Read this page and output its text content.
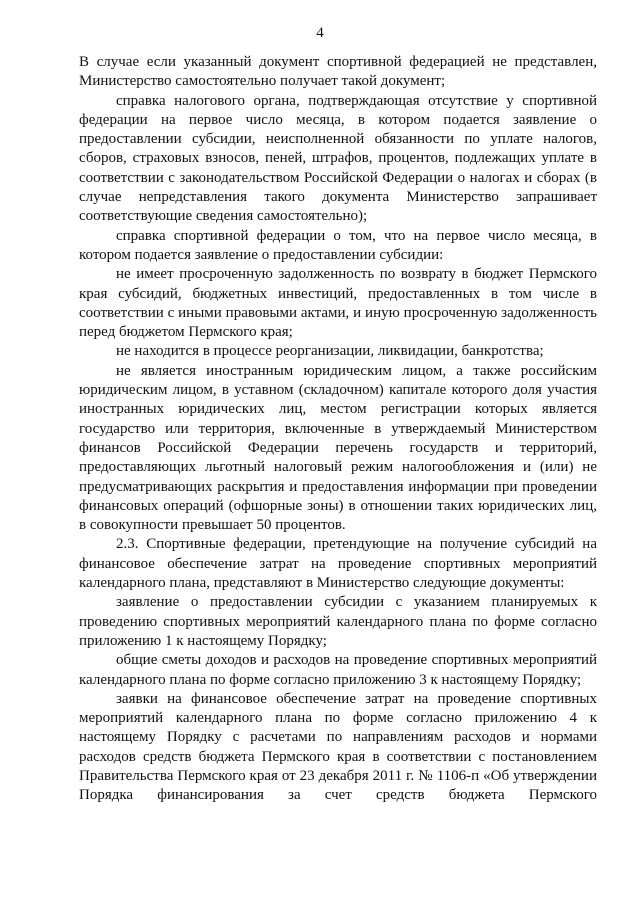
4

В случае если указанный документ спортивной федерацией не представлен, Министерство самостоятельно получает такой документ;

справка налогового органа, подтверждающая отсутствие у спортивной федерации на первое число месяца, в котором подается заявление о предоставлении субсидии, неисполненной обязанности по уплате налогов, сборов, страховых взносов, пеней, штрафов, процентов, подлежащих уплате в соответствии с законодательством Российской Федерации о налогах и сборах (в случае непредставления такого документа Министерство запрашивает соответствующие сведения самостоятельно);

справка спортивной федерации о том, что на первое число месяца, в котором подается заявление о предоставлении субсидии:

не имеет просроченную задолженность по возврату в бюджет Пермского края субсидий, бюджетных инвестиций, предоставленных в том числе в соответствии с иными правовыми актами, и иную просроченную задолженность перед бюджетом Пермского края;

не находится в процессе реорганизации, ликвидации, банкротства;

не является иностранным юридическим лицом, а также российским юридическим лицом, в уставном (складочном) капитале которого доля участия иностранных юридических лиц, местом регистрации которых является государство или территория, включенные в утверждаемый Министерством финансов Российской Федерации перечень государств и территорий, предоставляющих льготный налоговый режим налогообложения и (или) не предусматривающих раскрытия и предоставления информации при проведении финансовых операций (офшорные зоны) в отношении таких юридических лиц, в совокупности превышает 50 процентов.

2.3. Спортивные федерации, претендующие на получение субсидий на финансовое обеспечение затрат на проведение спортивных мероприятий календарного плана, представляют в Министерство следующие документы:

заявление о предоставлении субсидии с указанием планируемых к проведению спортивных мероприятий календарного плана по форме согласно приложению 1 к настоящему Порядку;

общие сметы доходов и расходов на проведение спортивных мероприятий календарного плана по форме согласно приложению 3 к настоящему Порядку;

заявки на финансовое обеспечение затрат на проведение спортивных мероприятий календарного плана по форме согласно приложению 4 к настоящему Порядку с расчетами по направлениям расходов и нормами расходов средств бюджета Пермского края в соответствии с постановлением Правительства Пермского края от 23 декабря 2011 г. № 1106-п «Об утверждении Порядка финансирования за счет средств бюджета Пермского
